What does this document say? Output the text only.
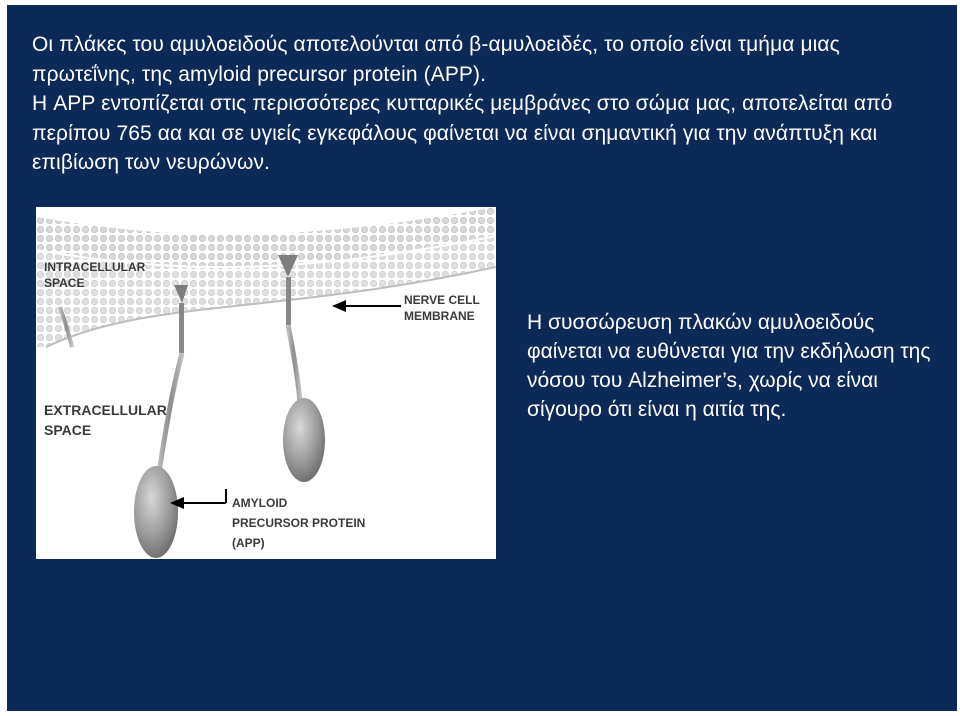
Οι πλάκες του αμυλοειδούς αποτελούνται από β-αμυλοειδές, το οποίο είναι τμήμα μιας πρωτεΐνης, της amyloid precursor protein (APP).

Η APP εντοπίζεται στις περισσότερες κυτταρικές μεμβράνες στο σώμα μας, αποτελείται από περίπου 765 αα και σε υγιείς εγκεφάλους φαίνεται να είναι σημαντική για την ανάπτυξη και επιβίωση των νευρώνων.

INTRACELLULAR
SPACE
NERVE CELL
MEMBRANE
EXTRACELLULAR
SPACE
AMYLOID
PRECURSOR PROTEIN
(APP)
Η συσσώρευση πλακών αμυλοειδούς φαίνεται να ευθύνεται για την εκδήλωση της νόσου του Alzheimer’s, χωρίς να είναι σίγουρο ότι είναι η αιτία της.
